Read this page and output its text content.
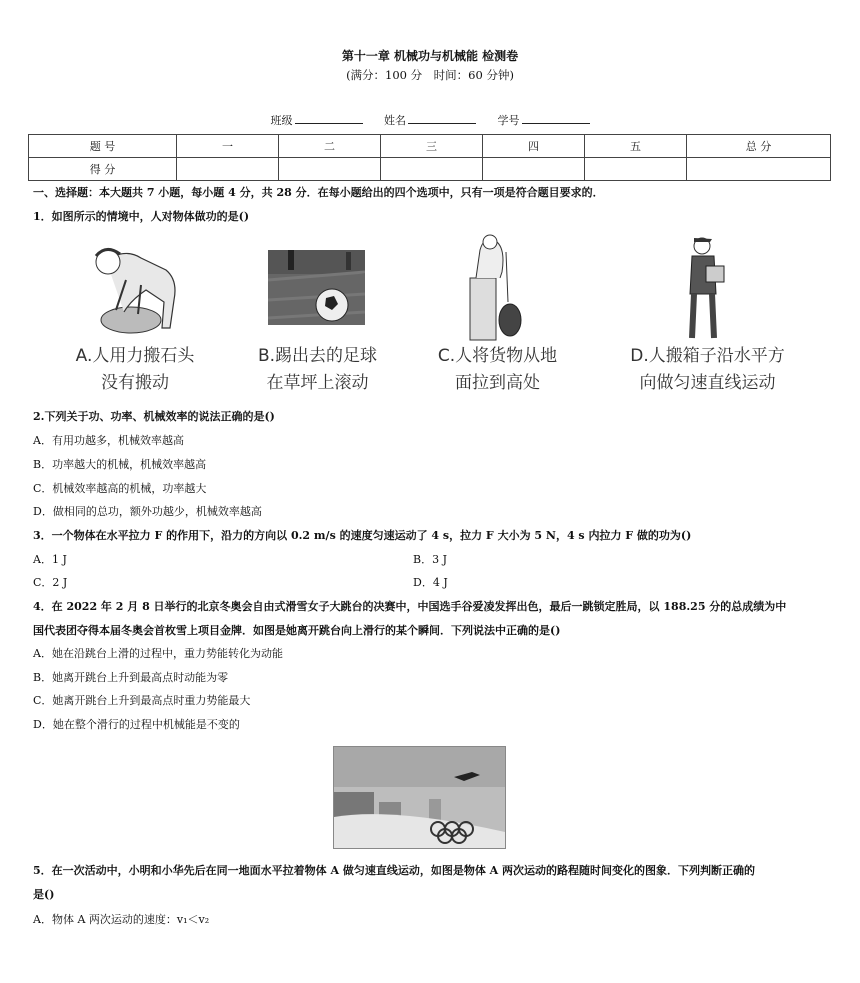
第十一章 机械功与机械能 检测卷
(满分：100 分　时间：60 分钟)
班级	姓名	学号
题 号	一	二	三	四	五	总 分
得 分						
一、选择题：本大题共 7 小题，每小题 4 分，共 28 分．在每小题给出的四个选项中，只有一项是符合题目要求的．
1．如图所示的情境中，人对物体做功的是()
A.人用力搬石头
没有搬动
B.踢出去的足球
在草坪上滚动
C.人将货物从地
面拉到高处
D.人搬箱子沿水平方
向做匀速直线运动
2.下列关于功、功率、机械效率的说法正确的是()
A．有用功越多，机械效率越高
B．功率越大的机械，机械效率越高
C．机械效率越高的机械，功率越大
D．做相同的总功，额外功越少，机械效率越高
3．一个物体在水平拉力 F 的作用下，沿力的方向以 0.2 m/s 的速度匀速运动了 4 s，拉力 F 大小为 5 N，4 s 内拉力 F 做的功为()
A．1 J	B．3 J
C．2 J	D．4 J
4．在 2022 年 2 月 8 日举行的北京冬奥会自由式滑雪女子大跳台的决赛中，中国选手谷爱凌发挥出色，最后一跳锁定胜局，以 188.25 分的总成绩为中
国代表团夺得本届冬奥会首枚雪上项目金牌．如图是她离开跳台向上滑行的某个瞬间．下列说法中正确的是()
A．她在沿跳台上滑的过程中，重力势能转化为动能
B．她离开跳台上升到最高点时动能为零
C．她离开跳台上升到最高点时重力势能最大
D．她在整个滑行的过程中机械能是不变的
5．在一次活动中，小明和小华先后在同一地面水平拉着物体 A 做匀速直线运动，如图是物体 A 两次运动的路程随时间变化的图象．下列判断正确的
是()
A．物体 A 两次运动的速度：v₁＜v₂
